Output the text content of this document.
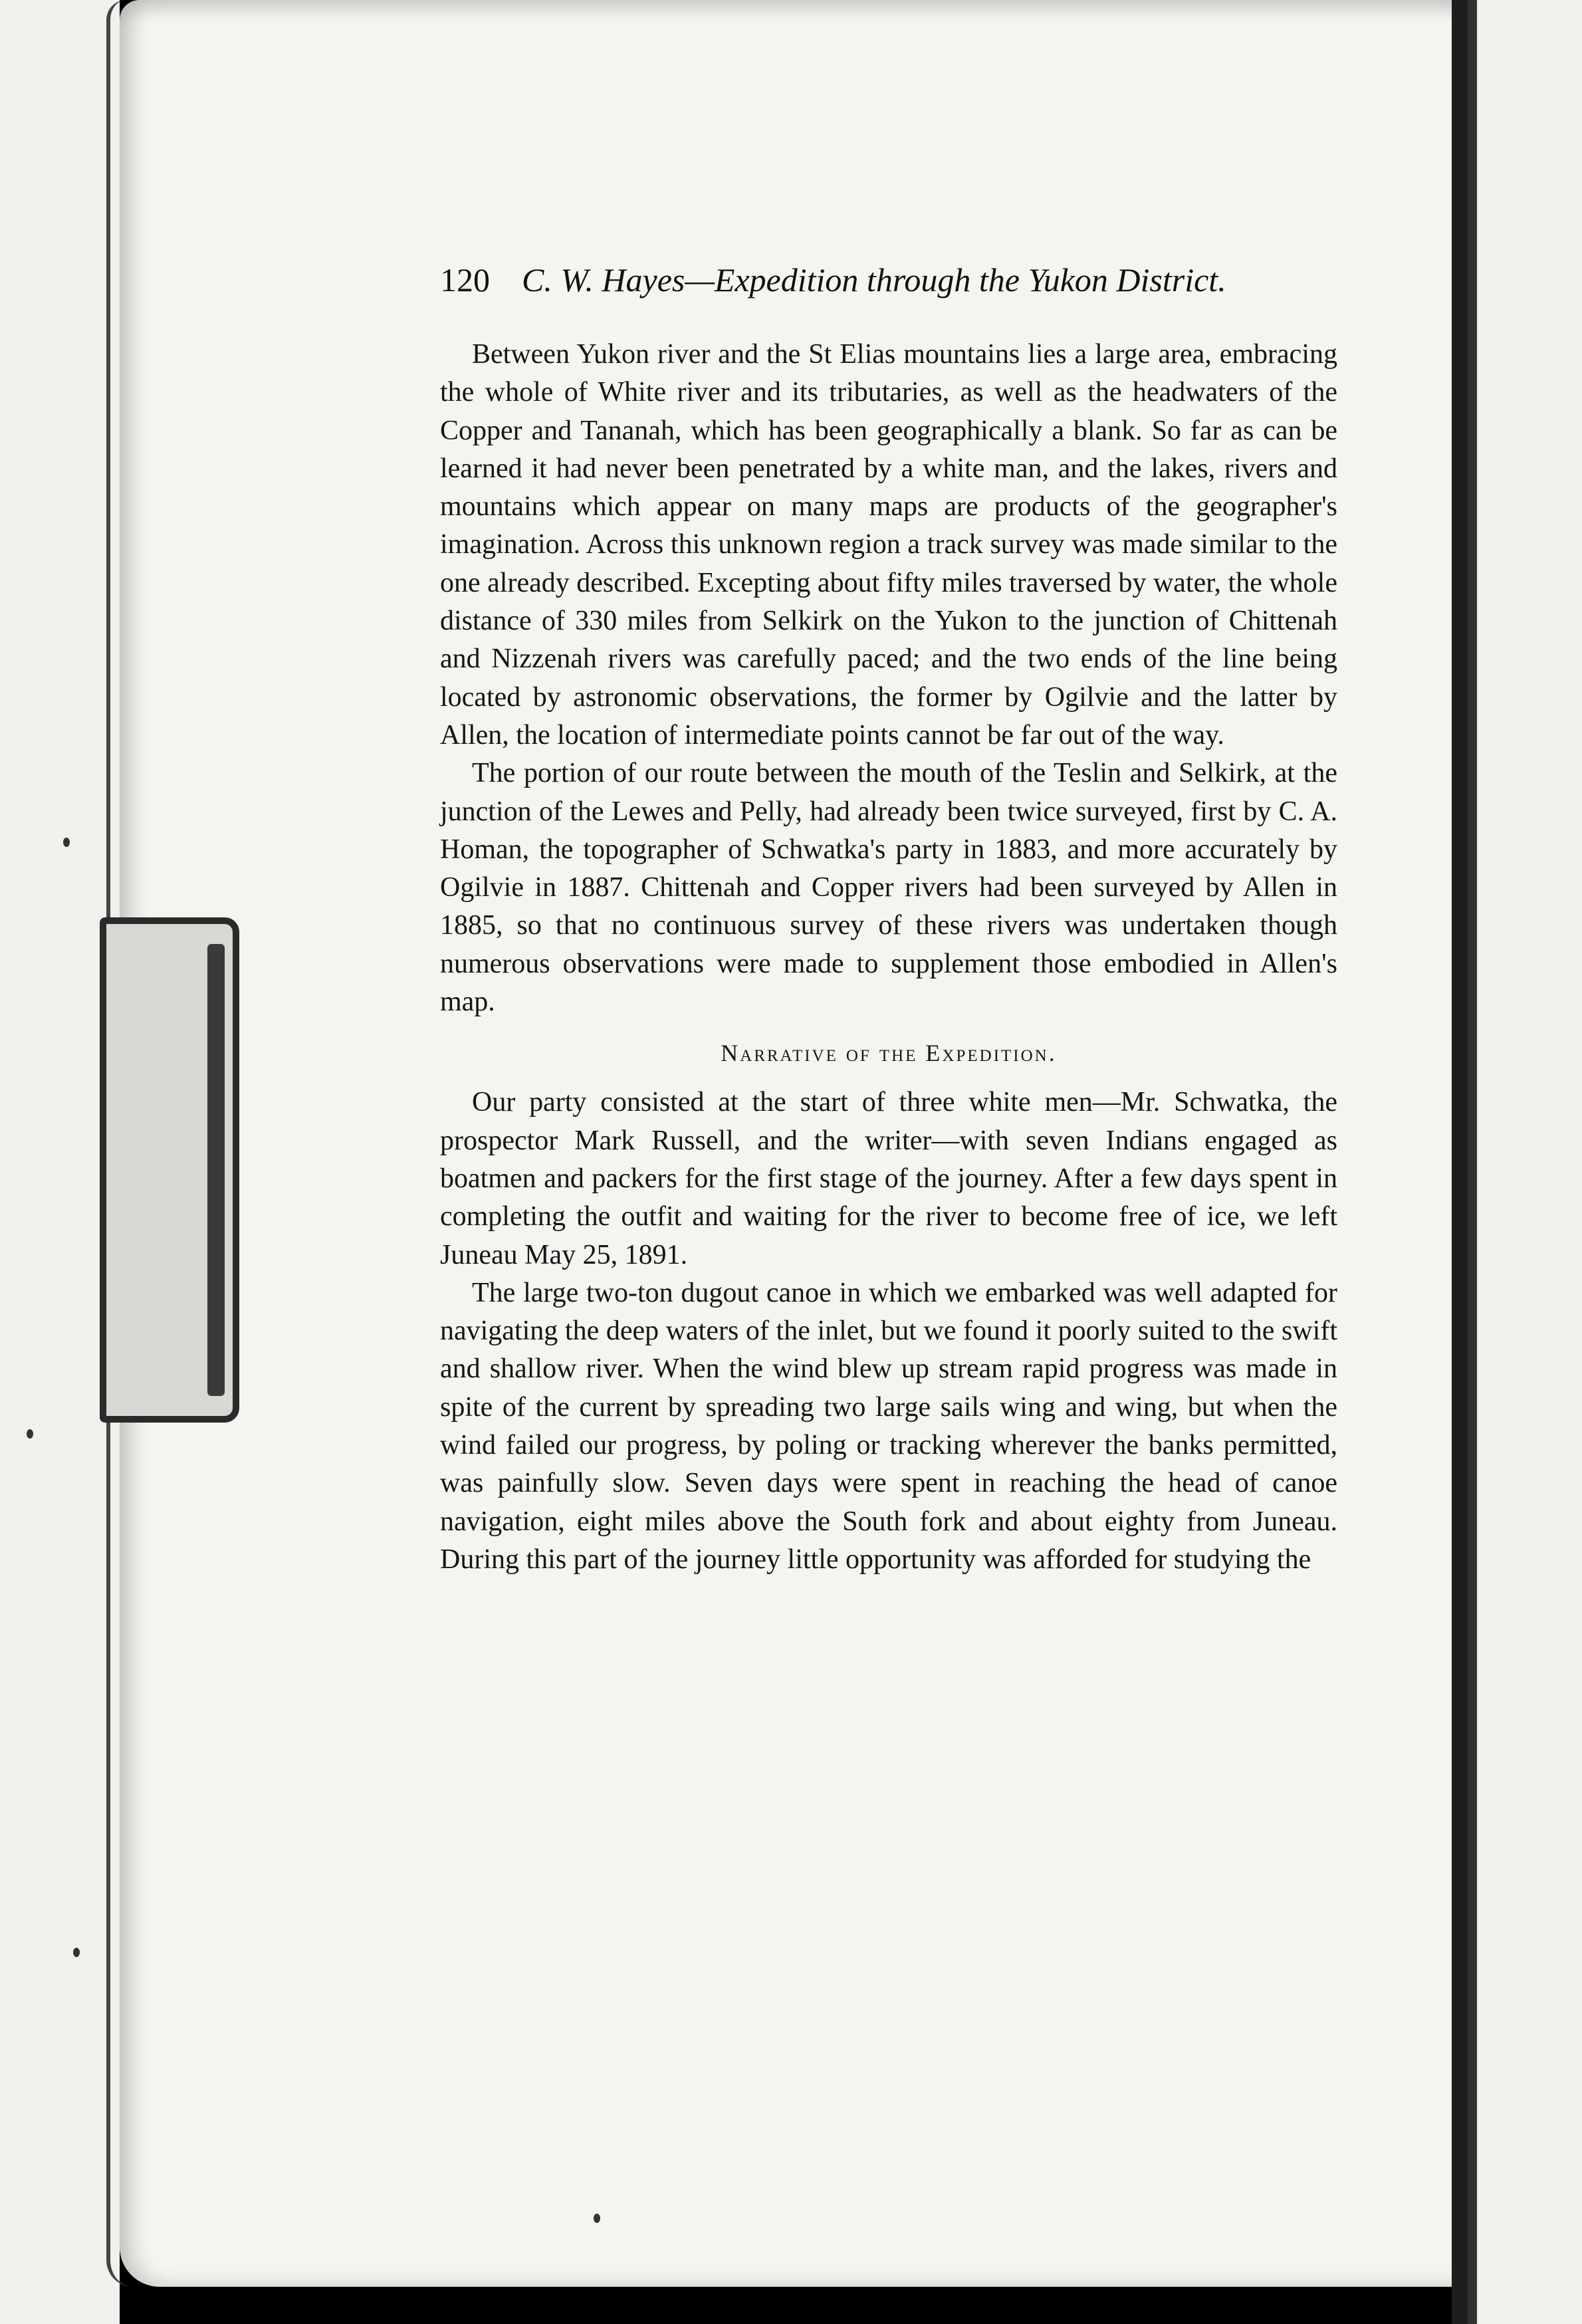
120 C. W. Hayes—Expedition through the Yukon District.

Between Yukon river and the St Elias mountains lies a large area, embracing the whole of White river and its tributaries, as well as the headwaters of the Copper and Tananah, which has been geographically a blank. So far as can be learned it had never been penetrated by a white man, and the lakes, rivers and mountains which appear on many maps are products of the geographer's imagination. Across this unknown region a track survey was made similar to the one already described. Excepting about fifty miles traversed by water, the whole distance of 330 miles from Selkirk on the Yukon to the junction of Chittenah and Nizzenah rivers was carefully paced; and the two ends of the line being located by astronomic observations, the former by Ogilvie and the latter by Allen, the location of intermediate points cannot be far out of the way.

The portion of our route between the mouth of the Teslin and Selkirk, at the junction of the Lewes and Pelly, had already been twice surveyed, first by C. A. Homan, the topographer of Schwatka's party in 1883, and more accurately by Ogilvie in 1887. Chittenah and Copper rivers had been surveyed by Allen in 1885, so that no continuous survey of these rivers was undertaken though numerous observations were made to supplement those embodied in Allen's map.

Narrative of the Expedition.

Our party consisted at the start of three white men—Mr. Schwatka, the prospector Mark Russell, and the writer—with seven Indians engaged as boatmen and packers for the first stage of the journey. After a few days spent in completing the outfit and waiting for the river to become free of ice, we left Juneau May 25, 1891.

The large two-ton dugout canoe in which we embarked was well adapted for navigating the deep waters of the inlet, but we found it poorly suited to the swift and shallow river. When the wind blew up stream rapid progress was made in spite of the current by spreading two large sails wing and wing, but when the wind failed our progress, by poling or tracking wherever the banks permitted, was painfully slow. Seven days were spent in reaching the head of canoe navigation, eight miles above the South fork and about eighty from Juneau. During this part of the journey little opportunity was afforded for studying the
